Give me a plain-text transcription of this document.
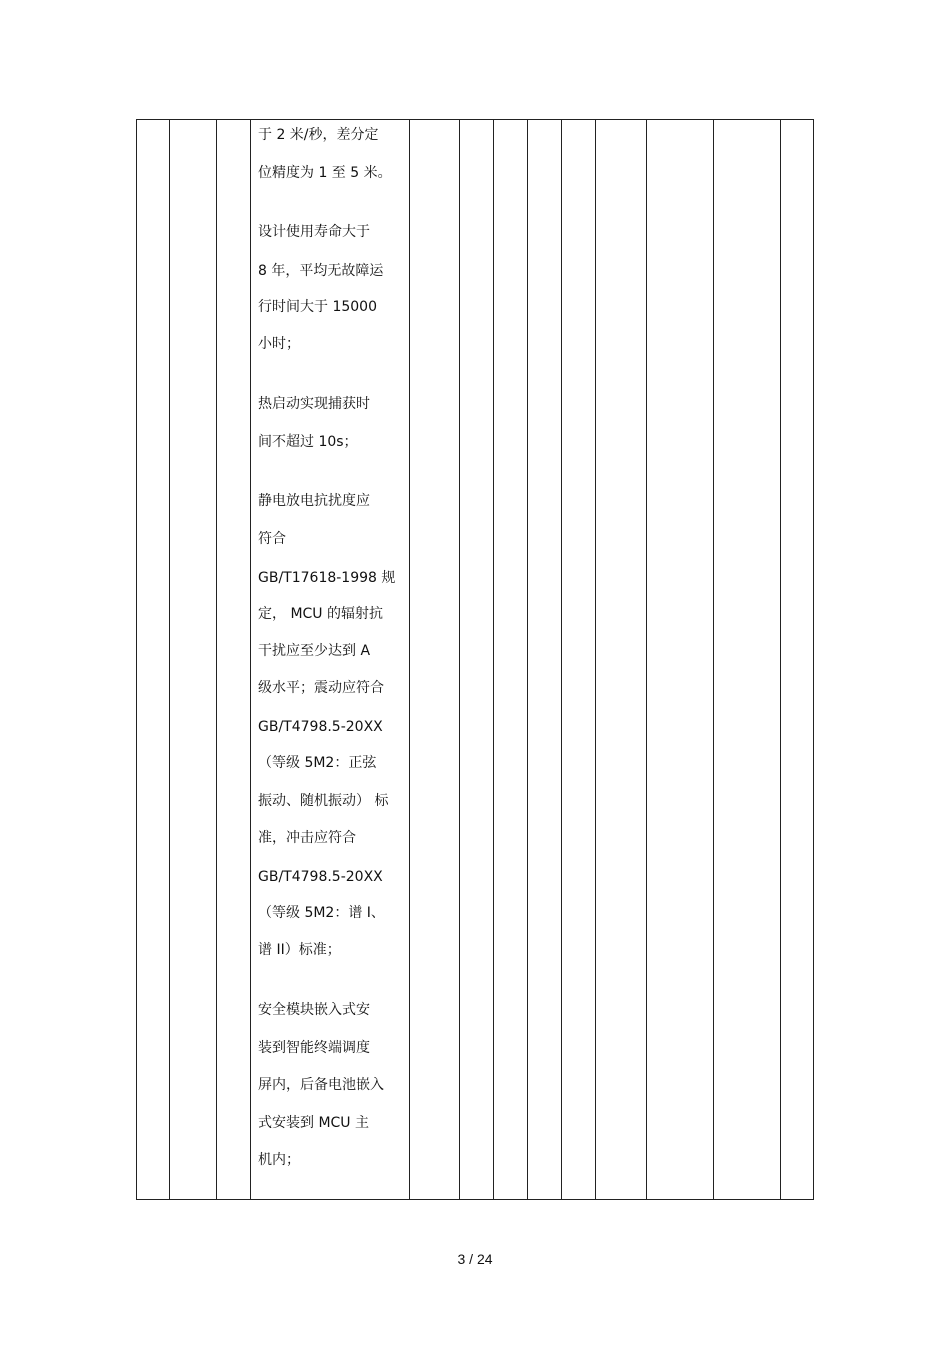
于 2 米/秒，差分定
位精度为 1 至 5 米。
设计使用寿命大于
8 年，平均无故障运
行时间大于 15000
小时；
热启动实现捕获时
间不超过 10s；
静电放电抗扰度应
符合
GB/T17618-1998 规
定， MCU 的辐射抗
干扰应至少达到 A
级水平；震动应符合
GB/T4798.5-20XX
（等级 5M2：正弦
振动、随机振动） 标
准，冲击应符合
GB/T4798.5-20XX
（等级 5M2：谱 I、
谱 II）标准；
安全模块嵌入式安
装到智能终端调度
屏内，后备电池嵌入
式安装到 MCU 主
机内；
3 / 24
